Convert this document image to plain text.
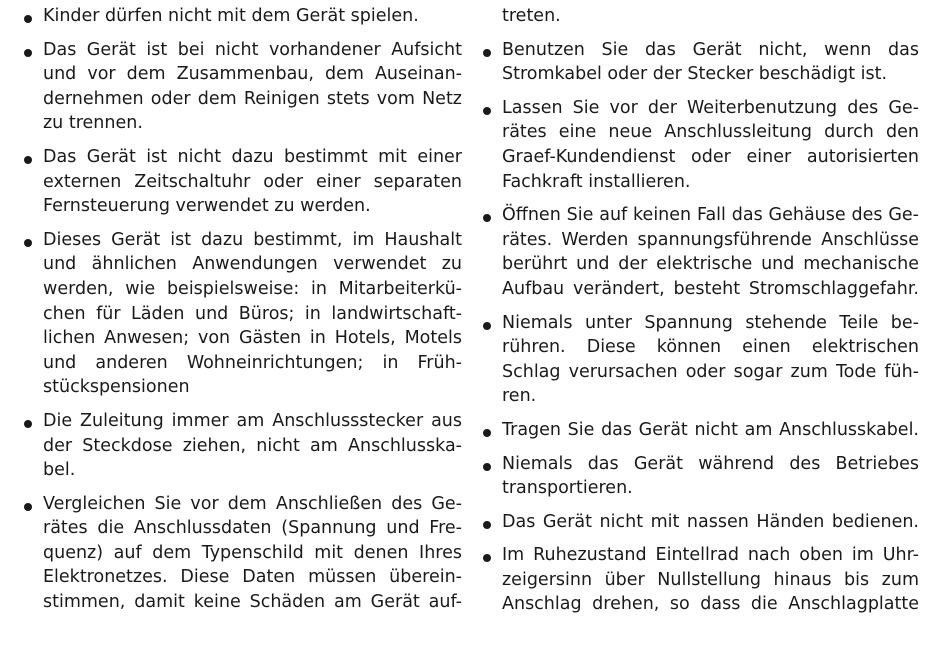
Kinder dürfen nicht mit dem Gerät spielen.
Das Gerät ist bei nicht vorhandener Aufsicht
und vor dem Zusammenbau, dem Auseinan-
dernehmen oder dem Reinigen stets vom Netz
zu trennen.
Das Gerät ist nicht dazu bestimmt mit einer
externen Zeitschaltuhr oder einer separaten
Fernsteuerung verwendet zu werden.
Dieses Gerät ist dazu bestimmt, im Haushalt
und ähnlichen Anwendungen verwendet zu
werden, wie beispielsweise: in Mitarbeiterkü-
chen für Läden und Büros; in landwirtschaft-
lichen Anwesen; von Gästen in Hotels, Motels
und anderen Wohneinrichtungen; in Früh-
stückspensionen
Die Zuleitung immer am Anschlussstecker aus
der Steckdose ziehen, nicht am Anschlusska-
bel.
Vergleichen Sie vor dem Anschließen des Ge-
rätes die Anschlussdaten (Spannung und Fre-
quenz) auf dem Typenschild mit denen Ihres
Elektronetzes. Diese Daten müssen überein-
stimmen, damit keine Schäden am Gerät auf-
treten.
Benutzen Sie das Gerät nicht, wenn das
Stromkabel oder der Stecker beschädigt ist.
Lassen Sie vor der Weiterbenutzung des Ge-
rätes eine neue Anschlussleitung durch den
Graef-Kundendienst oder einer autorisierten
Fachkraft installieren.
Öffnen Sie auf keinen Fall das Gehäuse des Ge-
rätes. Werden spannungsführende Anschlüsse
berührt und der elektrische und mechanische
Aufbau verändert, besteht Stromschlaggefahr.
Niemals unter Spannung stehende Teile be-
rühren. Diese können einen elektrischen
Schlag verursachen oder sogar zum Tode füh-
ren.
Tragen Sie das Gerät nicht am Anschlusskabel.
Niemals das Gerät während des Betriebes
transportieren.
Das Gerät nicht mit nassen Händen bedienen.
Im Ruhezustand Eintellrad nach oben im Uhr-
zeigersinn über Nullstellung hinaus bis zum
Anschlag drehen, so dass die Anschlagplatte
